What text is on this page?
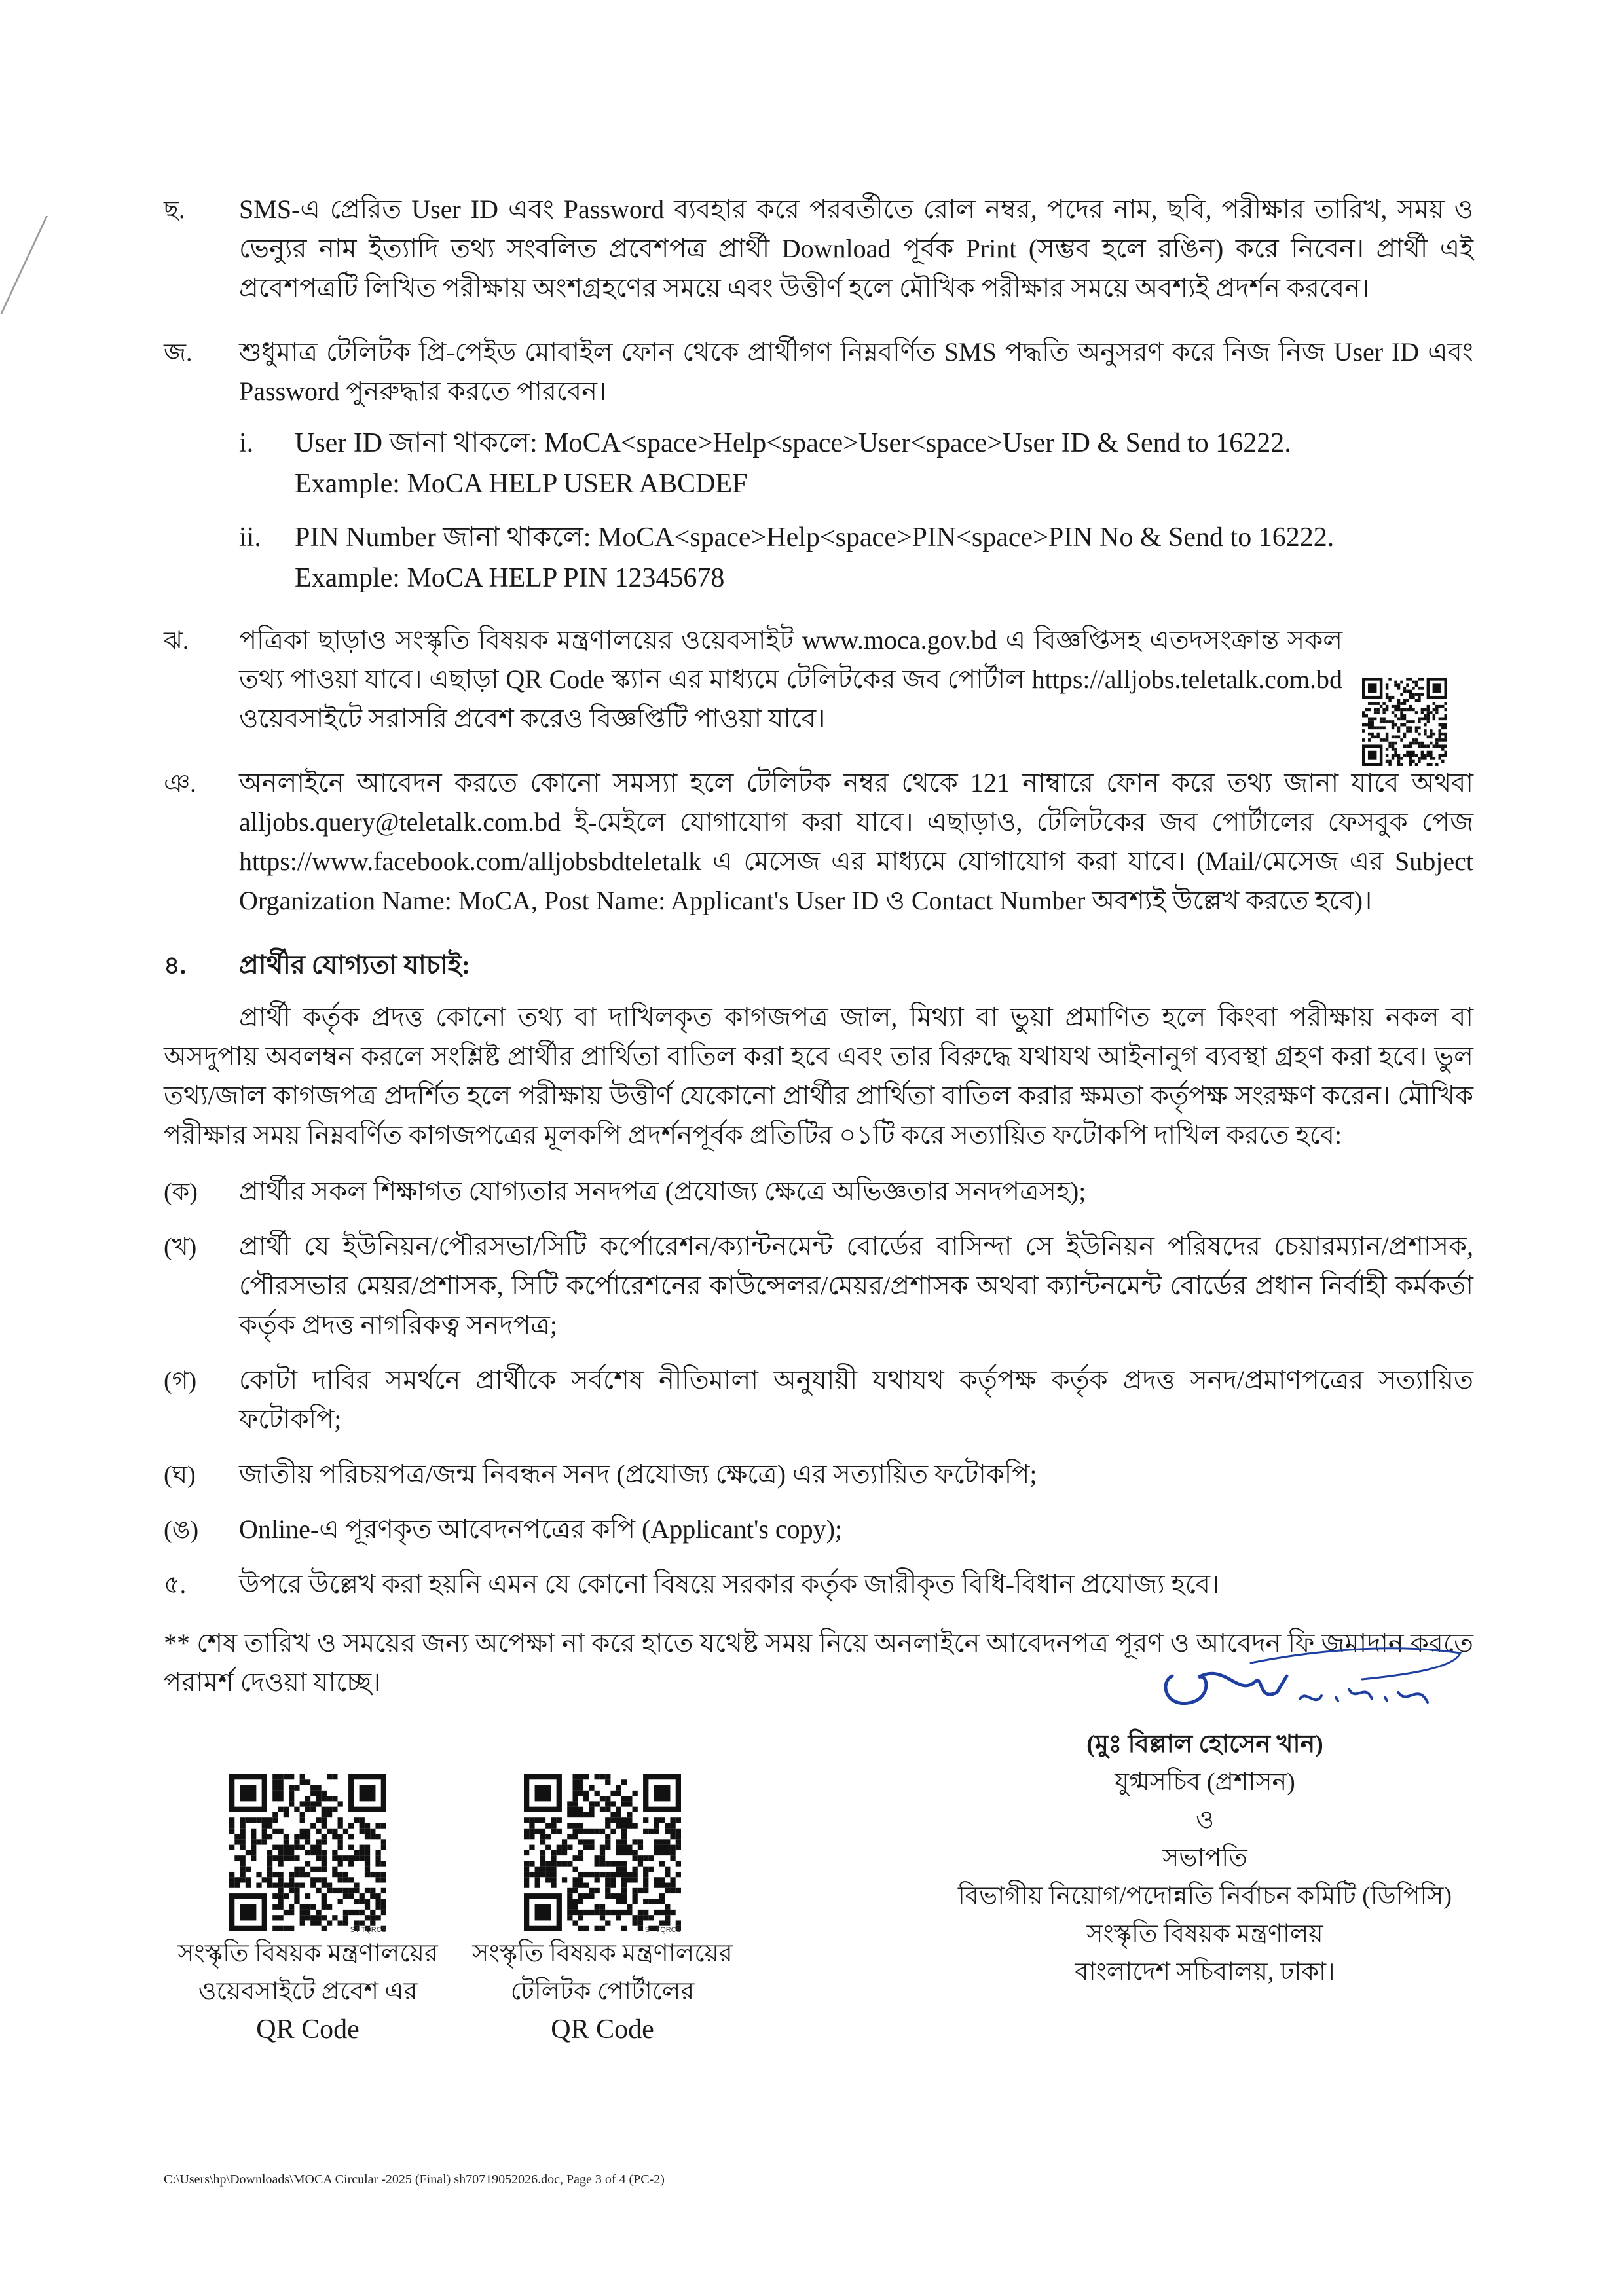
ছ. SMS-এ প্রেরিত User ID এবং Password ব্যবহার করে পরবর্তীতে রোল নম্বর, পদের নাম, ছবি, পরীক্ষার তারিখ, সময় ও ভেন্যুর নাম ইত্যাদি তথ্য সংবলিত প্রবেশপত্র প্রার্থী Download পূর্বক Print (সম্ভব হলে রঙিন) করে নিবেন। প্রার্থী এই প্রবেশপত্রটি লিখিত পরীক্ষায় অংশগ্রহণের সময়ে এবং উত্তীর্ণ হলে মৌখিক পরীক্ষার সময়ে অবশ্যই প্রদর্শন করবেন।
জ. শুধুমাত্র টেলিটক প্রি-পেইড মোবাইল ফোন থেকে প্রার্থীগণ নিম্নবর্ণিত SMS পদ্ধতি অনুসরণ করে নিজ নিজ User ID এবং Password পুনরুদ্ধার করতে পারবেন।
i. User ID জানা থাকলে: MoCA<space>Help<space>User<space>User ID & Send to 16222.
Example: MoCA HELP USER ABCDEF
ii. PIN Number জানা থাকলে: MoCA<space>Help<space>PIN<space>PIN No & Send to 16222.
Example: MoCA HELP PIN 12345678
ঝ. পত্রিকা ছাড়াও সংস্কৃতি বিষয়ক মন্ত্রণালয়ের ওয়েবসাইট www.moca.gov.bd এ বিজ্ঞপ্তিসহ এতদসংক্রান্ত সকল তথ্য পাওয়া যাবে। এছাড়া QR Code স্ক্যান এর মাধ্যমে টেলিটকের জব পোর্টাল https://alljobs.teletalk.com.bd ওয়েবসাইটে সরাসরি প্রবেশ করেও বিজ্ঞপ্তিটি পাওয়া যাবে।
ঞ. অনলাইনে আবেদন করতে কোনো সমস্যা হলে টেলিটক নম্বর থেকে 121 নাম্বারে ফোন করে তথ্য জানা যাবে অথবা alljobs.query@teletalk.com.bd ই-মেইলে যোগাযোগ করা যাবে। এছাড়াও, টেলিটকের জব পোর্টালের ফেসবুক পেজ https://www.facebook.com/alljobsbdteletalk এ মেসেজ এর মাধ্যমে যোগাযোগ করা যাবে। (Mail/মেসেজ এর Subject Organization Name: MoCA, Post Name: Applicant's User ID ও Contact Number অবশ্যই উল্লেখ করতে হবে)।
৪. প্রার্থীর যোগ্যতা যাচাই:
প্রার্থী কর্তৃক প্রদত্ত কোনো তথ্য বা দাখিলকৃত কাগজপত্র জাল, মিথ্যা বা ভুয়া প্রমাণিত হলে কিংবা পরীক্ষায় নকল বা অসদুপায় অবলম্বন করলে সংশ্লিষ্ট প্রার্থীর প্রার্থিতা বাতিল করা হবে এবং তার বিরুদ্ধে যথাযথ আইনানুগ ব্যবস্থা গ্রহণ করা হবে। ভুল তথ্য/জাল কাগজপত্র প্রদর্শিত হলে পরীক্ষায় উত্তীর্ণ যেকোনো প্রার্থীর প্রার্থিতা বাতিল করার ক্ষমতা কর্তৃপক্ষ সংরক্ষণ করেন। মৌখিক পরীক্ষার সময় নিম্নবর্ণিত কাগজপত্রের মূলকপি প্রদর্শনপূর্বক প্রতিটির ০১টি করে সত্যায়িত ফটোকপি দাখিল করতে হবে:
(ক) প্রার্থীর সকল শিক্ষাগত যোগ্যতার সনদপত্র (প্রযোজ্য ক্ষেত্রে অভিজ্ঞতার সনদপত্রসহ);
(খ) প্রার্থী যে ইউনিয়ন/পৌরসভা/সিটি কর্পোরেশন/ক্যান্টনমেন্ট বোর্ডের বাসিন্দা সে ইউনিয়ন পরিষদের চেয়ারম্যান/প্রশাসক, পৌরসভার মেয়র/প্রশাসক, সিটি কর্পোরেশনের কাউন্সেলর/মেয়র/প্রশাসক অথবা ক্যান্টনমেন্ট বোর্ডের প্রধান নির্বাহী কর্মকর্তা কর্তৃক প্রদত্ত নাগরিকত্ব সনদপত্র;
(গ) কোটা দাবির সমর্থনে প্রার্থীকে সর্বশেষ নীতিমালা অনুযায়ী যথাযথ কর্তৃপক্ষ কর্তৃক প্রদত্ত সনদ/প্রমাণপত্রের সত্যায়িত ফটোকপি;
(ঘ) জাতীয় পরিচয়পত্র/জন্ম নিবন্ধন সনদ (প্রযোজ্য ক্ষেত্রে) এর সত্যায়িত ফটোকপি;
(ঙ) Online-এ পূরণকৃত আবেদনপত্রের কপি (Applicant's copy);
৫. উপরে উল্লেখ করা হয়নি এমন যে কোনো বিষয়ে সরকার কর্তৃক জারীকৃত বিধি-বিধান প্রযোজ্য হবে।
** শেষ তারিখ ও সময়ের জন্য অপেক্ষা না করে হাতে যথেষ্ট সময় নিয়ে অনলাইনে আবেদনপত্র পূরণ ও আবেদন ফি জমাদান করতে পরামর্শ দেওয়া যাচ্ছে।
ST TQRCS	ST TQRCS
সংস্কৃতি বিষয়ক মন্ত্রণালয়ের
ওয়েবসাইটে প্রবেশ এর
QR Code
সংস্কৃতি বিষয়ক মন্ত্রণালয়ের
টেলিটক পোর্টালের
QR Code
(মুঃ বিল্লাল হোসেন খান)
যুগ্মসচিব (প্রশাসন)
ও
সভাপতি
বিভাগীয় নিয়োগ/পদোন্নতি নির্বাচন কমিটি (ডিপিসি)
সংস্কৃতি বিষয়ক মন্ত্রণালয়
বাংলাদেশ সচিবালয়, ঢাকা।
C:\Users\hp\Downloads\MOCA Circular -2025 (Final) sh70719052026.doc, Page 3 of 4 (PC-2)
